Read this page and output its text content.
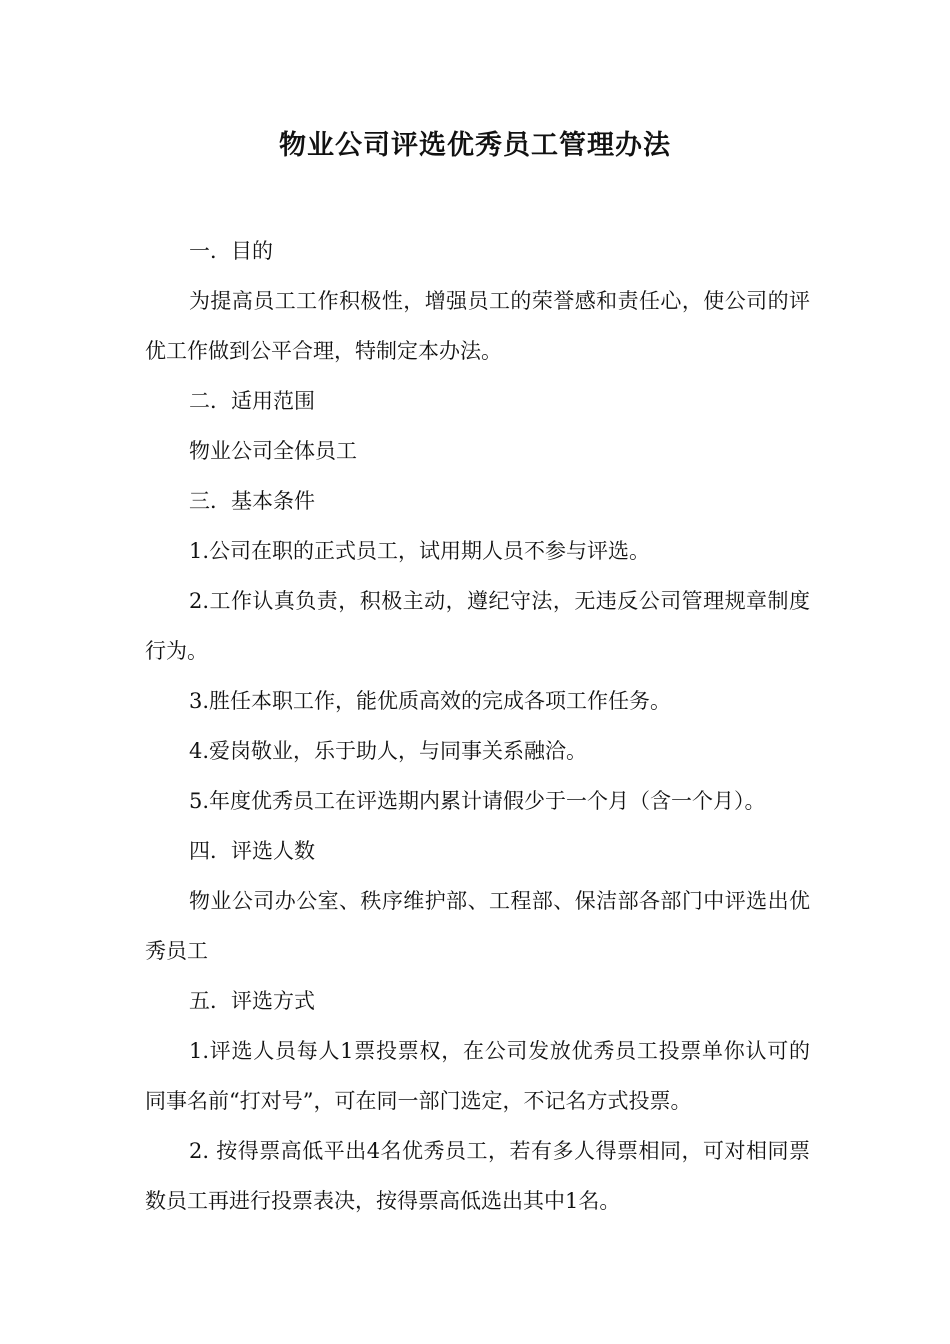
物业公司评选优秀员工管理办法

一．目的

为提高员工工作积极性，增强员工的荣誉感和责任心，使公司的评优工作做到公平合理，特制定本办法。

二．适用范围

物业公司全体员工

三．基本条件

1.公司在职的正式员工，试用期人员不参与评选。

2.工作认真负责，积极主动，遵纪守法，无违反公司管理规章制度行为。

3.胜任本职工作，能优质高效的完成各项工作任务。

4.爱岗敬业，乐于助人，与同事关系融洽。

5.年度优秀员工在评选期内累计请假少于一个月（含一个月）。

四．评选人数

物业公司办公室、秩序维护部、工程部、保洁部各部门中评选出优秀员工

五．评选方式

1.评选人员每人1票投票权，在公司发放优秀员工投票单你认可的同事名前“打对号”，可在同一部门选定，不记名方式投票。

2. 按得票高低平出4名优秀员工，若有多人得票相同，可对相同票数员工再进行投票表决，按得票高低选出其中1名。
